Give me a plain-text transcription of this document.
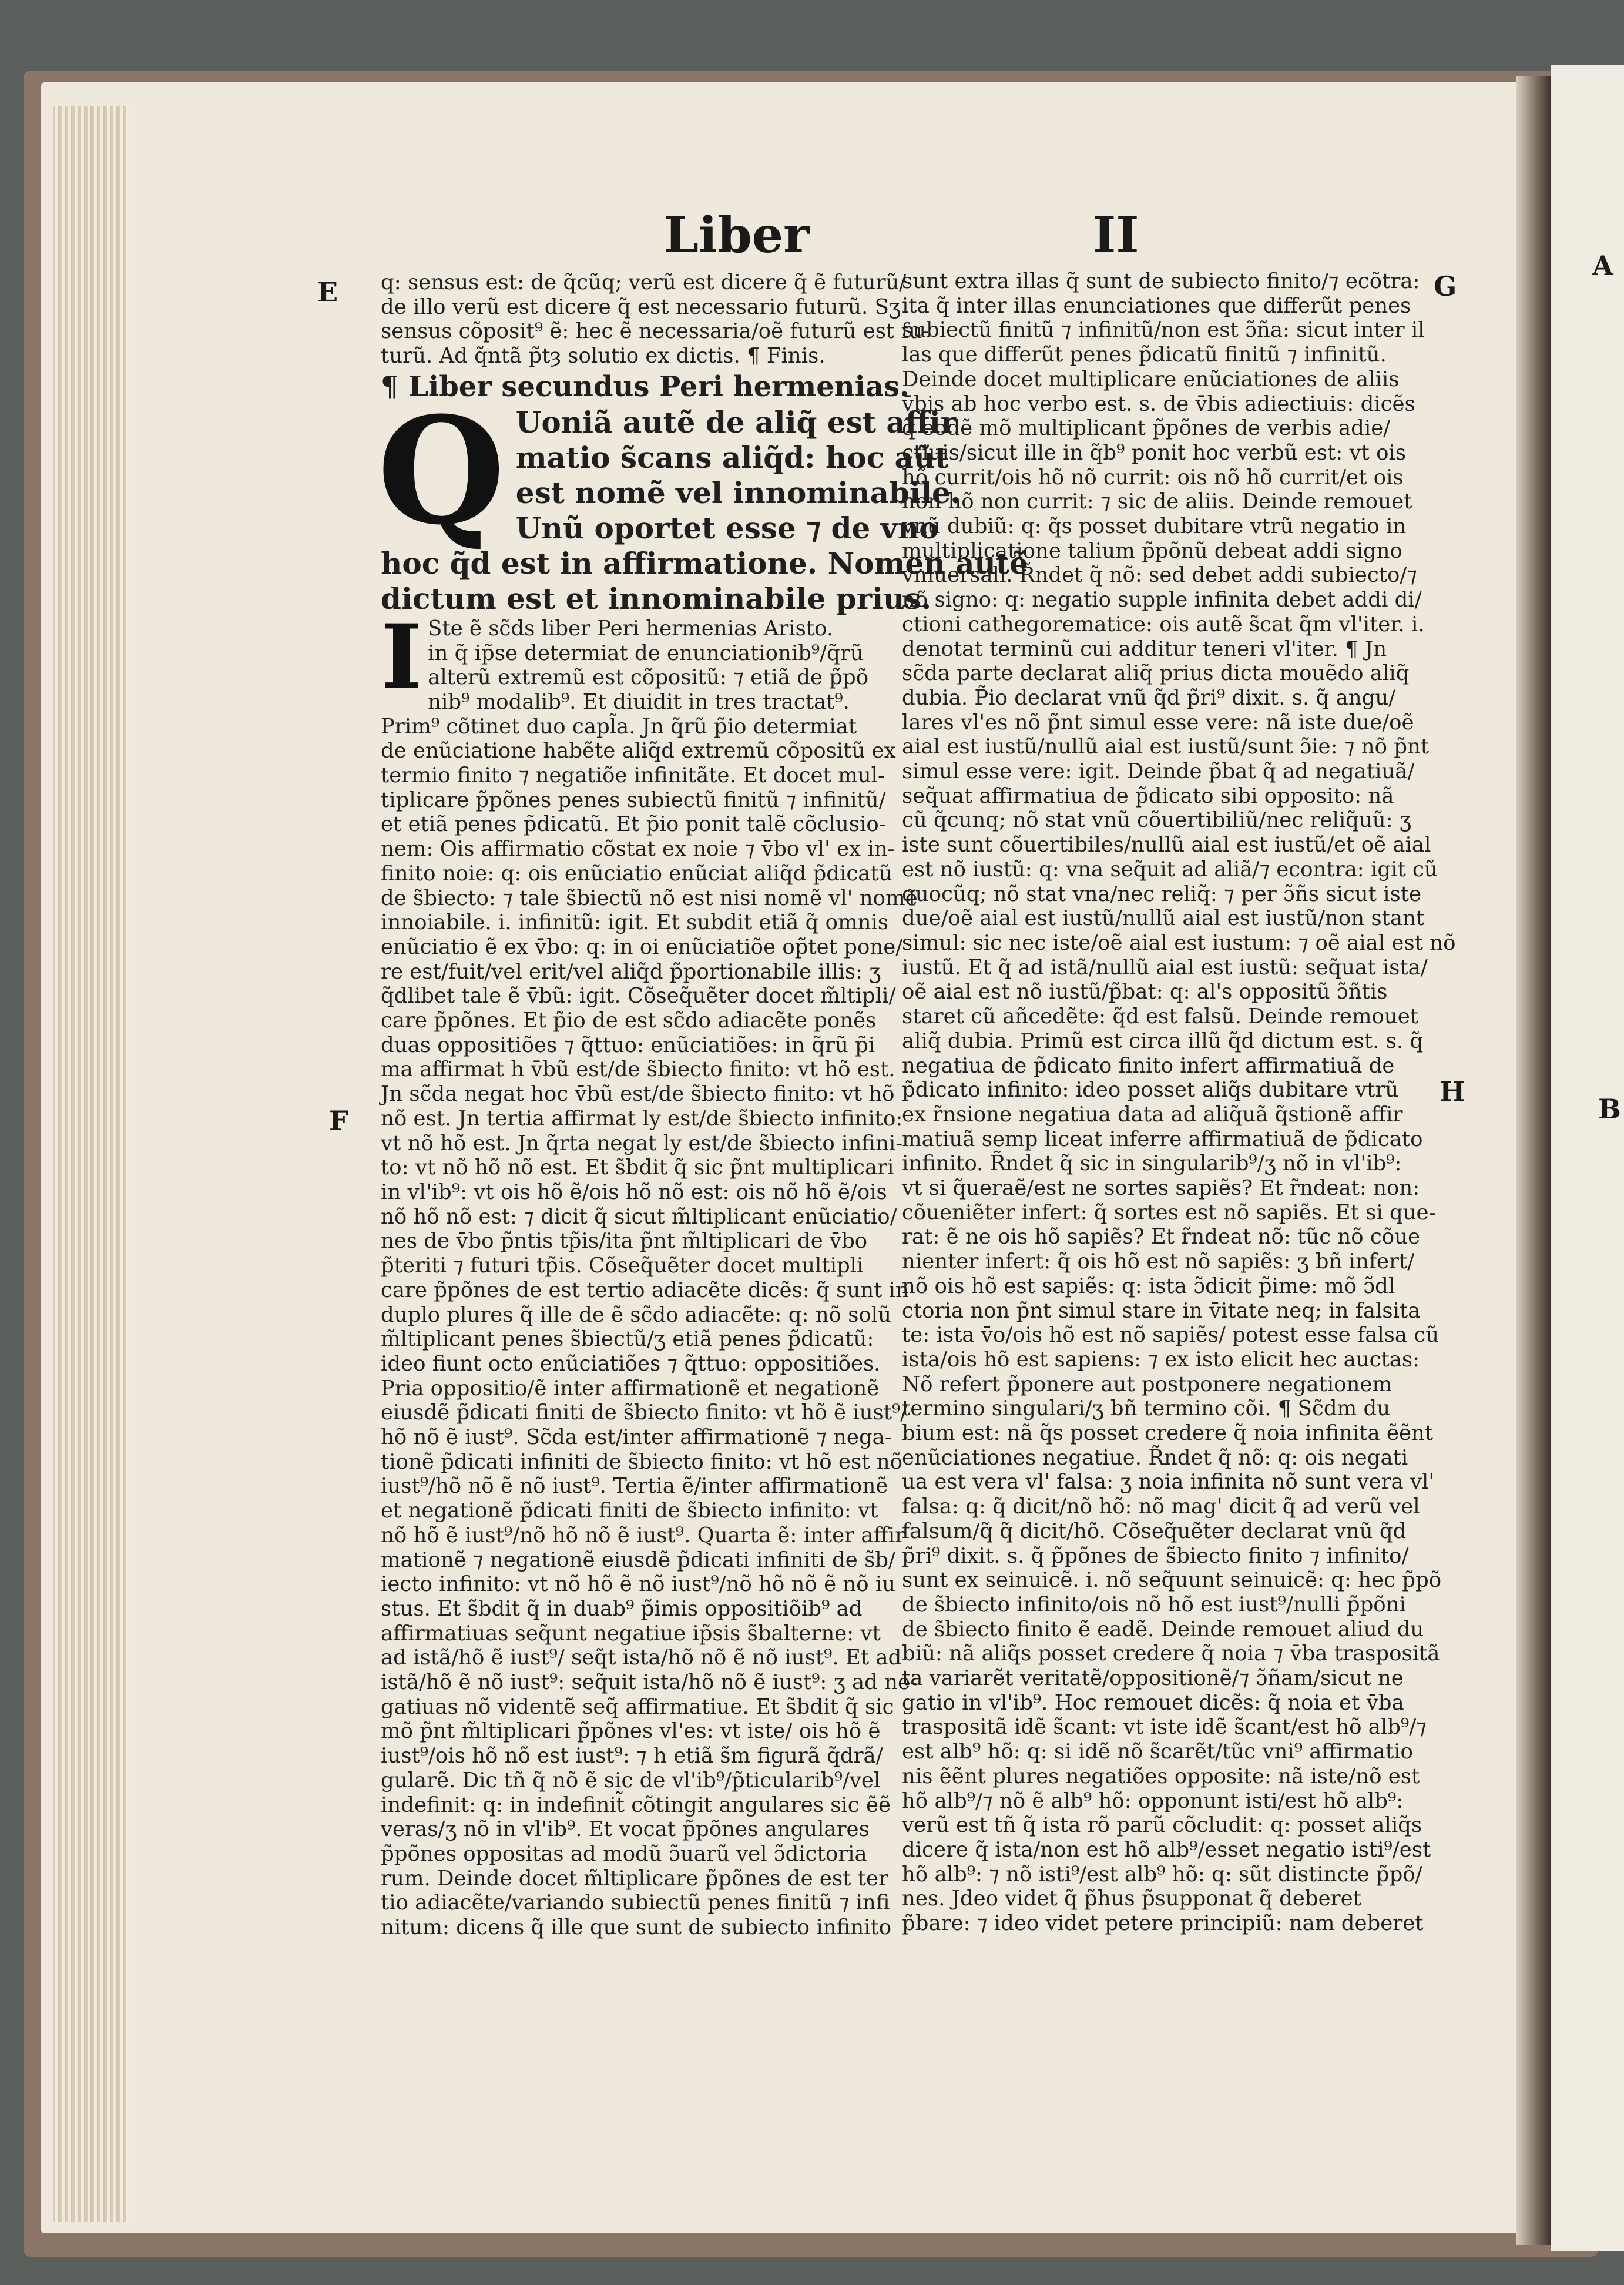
Liber	II
E
F
G
H
A
B
q: sensus est: de q̃cũq; verũ est dicere q̃ ẽ futurũ/
de illo verũ est dicere q̃ est necessario futurũ. Sʒ
sensus cõposit⁹ ẽ: hec ẽ necessaria/oẽ futurũ est fu-
turũ. Ad q̃ntã p̃tȝ solutio ex dictis. ¶ Finis.
¶ Liber secundus Peri hermenias.
Q Uoniã autẽ de aliq̃ est affir
matio s̃cans aliq̃d: hoc aũt
est nomẽ vel innominabile.
Unũ oportet esse ⁊ de vno
hoc q̃d est in affirmatione. Nomen autẽ
dictum est et innominabile prius.
I Ste ẽ sc̃ds liber Peri hermenias Aristo.
in q̃ ip̃se determiat de enunciationib⁹/q̃rũ
alterũ extremũ est cõpositũ: ⁊ etiã de p̃põ
nib⁹ modalib⁹. Et diuidit in tres tractat⁹.
Prim⁹ cõtinet duo capl̃a. Jn q̃rũ p̃io determiat
de enũciatione habẽte aliq̃d extremũ cõpositũ ex
termio finito ⁊ negatiõe infinitãte. Et docet mul-
tiplicare p̃põnes penes subiectũ finitũ ⁊ infinitũ/
et etiã penes p̃dicatũ. Et p̃io ponit talẽ cõclusio-
nem: Ois affirmatio cõstat ex noie ⁊ v̄bo vl' ex in-
finito noie: q: ois enũciatio enũciat aliq̃d p̃dicatũ
de s̃biecto: ⁊ tale s̃biectũ nõ est nisi nomẽ vl' nomẽ
innoiabile. i. infinitũ: igit. Et subdit etiã q̃ omnis
enũciatio ẽ ex v̄bo: q: in oi enũciatiõe op̃tet pone/
re est/fuit/vel erit/vel aliq̃d p̃portionabile illis: ʒ
q̃dlibet tale ẽ v̄bũ: igit. Cõseq̃uẽter docet m̃ltipli/
care p̃põnes. Et p̃io de est sc̃do adiacẽte ponẽs
duas oppositiões ⁊ q̃ttuo: enũciatiões: in q̃rũ p̃i
ma affirmat h v̄bũ est/de s̃biecto finito: vt hõ est.
Jn sc̃da negat hoc v̄bũ est/de s̃biecto finito: vt hõ
nõ est. Jn tertia affirmat ly est/de s̃biecto infinito:
vt nõ hõ est. Jn q̃rta negat ly est/de s̃biecto infini-
to: vt nõ hõ nõ est. Et s̃bdit q̃ sic p̃nt multiplicari
in vl'ib⁹: vt ois hõ ẽ/ois hõ nõ est: ois nõ hõ ẽ/ois
nõ hõ nõ est: ⁊ dicit q̃ sicut m̃ltiplicant enũciatio/
nes de v̄bo p̃ntis tp̃is/ita p̃nt m̃ltiplicari de v̄bo
p̃teriti ⁊ futuri tp̃is. Cõseq̃uẽter docet multipli
care p̃põnes de est tertio adiacẽte dicẽs: q̃ sunt in
duplo plures q̃ ille de ẽ sc̃do adiacẽte: q: nõ solũ
m̃ltiplicant penes s̃biectũ/ʒ etiã penes p̃dicatũ:
ideo fiunt octo enũciatiões ⁊ q̃ttuo: oppositiões.
Pria oppositio/ẽ inter affirmationẽ et negationẽ
eiusdẽ p̃dicati finiti de s̃biecto finito: vt hõ ẽ iust⁹/
hõ nõ ẽ iust⁹. Sc̃da est/inter affirmationẽ ⁊ nega-
tionẽ p̃dicati infiniti de s̃biecto finito: vt hõ est nõ
iust⁹/hõ nõ ẽ nõ iust⁹. Tertia ẽ/inter affirmationẽ
et negationẽ p̃dicati finiti de s̃biecto infinito: vt
nõ hõ ẽ iust⁹/nõ hõ nõ ẽ iust⁹. Quarta ẽ: inter affir
mationẽ ⁊ negationẽ eiusdẽ p̃dicati infiniti de s̃b/
iecto infinito: vt nõ hõ ẽ nõ iust⁹/nõ hõ nõ ẽ nõ iu
stus. Et s̃bdit q̃ in duab⁹ p̃imis oppositiõib⁹ ad
affirmatiuas seq̃unt negatiue ip̃sis s̃balterne: vt
ad istã/hõ ẽ iust⁹/ seq̃t ista/hõ nõ ẽ nõ iust⁹. Et ad
istã/hõ ẽ nõ iust⁹: seq̃uit ista/hõ nõ ẽ iust⁹: ʒ ad ne-
gatiuas nõ videntẽ seq̃ affirmatiue. Et s̃bdit q̃ sic
mõ p̃nt m̃ltiplicari p̃põnes vl'es: vt iste/ ois hõ ẽ
iust⁹/ois hõ nõ est iust⁹: ⁊ h etiã s̃m figurã q̃drã/
gularẽ. Dic tñ q̃ nõ ẽ sic de vl'ib⁹/p̃ticularib⁹/vel
indefinit: q: in indefinit̃ cõtingit angulares sic ẽẽ
veras/ʒ nõ in vl'ib⁹. Et vocat p̃põnes angulares
p̃põnes oppositas ad modũ ɔ̃uarũ vel ɔ̃dictoria
rum. Deinde docet m̃ltiplicare p̃põnes de est ter
tio adiacẽte/variando subiectũ penes finitũ ⁊ infi
nitum: dicens q̃ ille que sunt de subiecto infinito
sunt extra illas q̃ sunt de subiecto finito/⁊ ecõtra:
ita q̃ inter illas enunciationes que differũt penes
subiectũ finitũ ⁊ infinitũ/non est ɔ̃ña: sicut inter il
las que differũt penes p̃dicatũ finitũ ⁊ infinitũ.
Deinde docet multiplicare enũciationes de aliis
v̄bis ab hoc verbo est. s. de v̄bis adiectiuis: dicẽs
q̃ eodẽ mõ multiplicant p̃põnes de verbis adie/
ctiuis/sicut ille in q̃b⁹ ponit hoc verbũ est: vt ois
hõ currit/ois hõ nõ currit: ois nõ hõ currit/et ois
non hõ non currit: ⁊ sic de aliis. Deinde remouet
vnũ dubiũ: q: q̃s posset dubitare vtrũ negatio in
multiplicatione talium p̃põnũ debeat addi signo
vniuersali. R̃ndet q̃ nõ: sed debet addi subiecto/⁊
nõ signo: q: negatio supple infinita debet addi di/
ctioni cathegorematice: ois autẽ s̃cat q̃m vl'iter. i.
denotat terminũ cui additur teneri vl'iter. ¶ Jn
sc̃da parte declarat aliq̃ prius dicta mouẽdo aliq̃
dubia. P̃io declarat vnũ q̃d p̃ri⁹ dixit. s. q̃ angu/
lares vl'es nõ p̃nt simul esse vere: nã iste due/oẽ
aial est iustũ/nullũ aial est iustũ/sunt ɔ̃ie: ⁊ nõ p̃nt
simul esse vere: igit. Deinde p̃bat q̃ ad negatiuã/
seq̃uat affirmatiua de p̃dicato sibi opposito: nã
cũ q̃cunq; nõ stat vnũ cõuertibiliũ/nec reliq̃uũ: ʒ
iste sunt cõuertibiles/nullũ aial est iustũ/et oẽ aial
est nõ iustũ: q: vna seq̃uit ad aliã/⁊ econtra: igit cũ
quocũq; nõ stat vna/nec reliq̃: ⁊ per ɔ̃ñs sicut iste
due/oẽ aial est iustũ/nullũ aial est iustũ/non stant
simul: sic nec iste/oẽ aial est iustum: ⁊ oẽ aial est nõ
iustũ. Et q̃ ad istã/nullũ aial est iustũ: seq̃uat ista/
oẽ aial est nõ iustũ/p̃bat: q: al's oppositũ ɔ̃ñtis
staret cũ añcedẽte: q̃d est falsũ. Deinde remouet
aliq̃ dubia. Primũ est circa illũ q̃d dictum est. s. q̃
negatiua de p̃dicato finito infert affirmatiuã de
p̃dicato infinito: ideo posset aliq̃s dubitare vtrũ
ex r̃nsione negatiua data ad aliq̃uã q̃stionẽ affir
matiuã semp liceat inferre affirmatiuã de p̃dicato
infinito. R̃ndet q̃ sic in singularib⁹/ʒ nõ in vl'ib⁹:
vt si q̃ueraẽ/est ne sortes sapiẽs? Et r̃ndeat: non:
cõueniẽter infert: q̃ sortes est nõ sapiẽs. Et si que-
rat: ẽ ne ois hõ sapiẽs? Et r̃ndeat nõ: tũc nõ cõue
nienter infert: q̃ ois hõ est nõ sapiẽs: ʒ bñ infert/
nõ ois hõ est sapiẽs: q: ista ɔ̃dicit p̃ime: mõ ɔ̃dl
ctoria non p̃nt simul stare in v̄itate neq; in falsita
te: ista v̄o/ois hõ est nõ sapiẽs/ potest esse falsa cũ
ista/ois hõ est sapiens: ⁊ ex isto elicit hec auctas:
Nõ refert p̃ponere aut postponere negationem
termino singulari/ʒ bñ termino cõi. ¶ Sc̃dm du
bium est: nã q̃s posset credere q̃ noia infinita ẽẽnt
enũciationes negatiue. R̃ndet q̃ nõ: q: ois negati
ua est vera vl' falsa: ʒ noia infinita nõ sunt vera vl'
falsa: q: q̃ dicit/nõ hõ: nõ mag' dicit q̃ ad verũ vel
falsum/q̃ q̃ dicit/hõ. Cõseq̃uẽter declarat vnũ q̃d
p̃ri⁹ dixit. s. q̃ p̃põnes de s̃biecto finito ⁊ infinito/
sunt ex seinuicẽ. i. nõ seq̃uunt seinuicẽ: q: hec p̃põ
de s̃biecto infinito/ois nõ hõ est iust⁹/nulli p̃põni
de s̃biecto finito ẽ eadẽ. Deinde remouet aliud du
biũ: nã aliq̃s posset credere q̃ noia ⁊ v̄ba traspositã
ta variarẽt veritatẽ/oppositionẽ/⁊ ɔ̃ñam/sicut ne
gatio in vl'ib⁹. Hoc remouet dicẽs: q̃ noia et v̄ba
traspositã idẽ s̃cant: vt iste idẽ s̃cant/est hõ alb⁹/⁊
est alb⁹ hõ: q: si idẽ nõ s̃carẽt/tũc vni⁹ affirmatio
nis ẽẽnt plures negatiões opposite: nã iste/nõ est
hõ alb⁹/⁊ nõ ẽ alb⁹ hõ: opponunt isti/est hõ alb⁹:
verũ est tñ q̃ ista rõ parũ cõcludit: q: posset aliq̃s
dicere q̃ ista/non est hõ alb⁹/esset negatio isti⁹/est
hõ alb⁹: ⁊ nõ isti⁹/est alb⁹ hõ: q: sũt distincte p̃põ/
nes. Jdeo videt q̃ p̃hus p̃supponat q̃ deberet
p̃bare: ⁊ ideo videt petere principiũ: nam deberet
